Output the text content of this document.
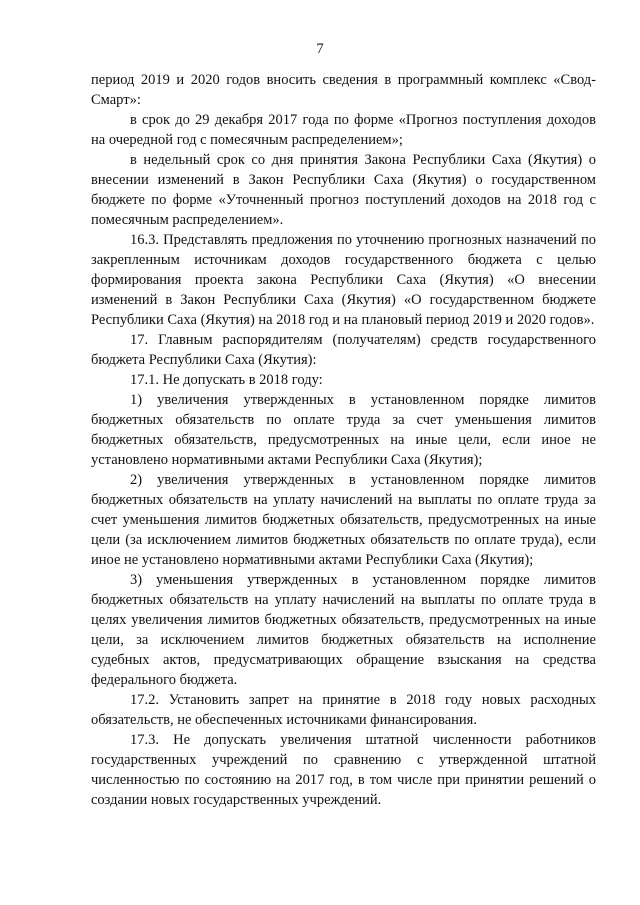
7

период 2019 и 2020 годов вносить сведения в программный комплекс «Свод-Смарт»:

в срок до 29 декабря 2017 года по форме «Прогноз поступления доходов на очередной год с помесячным распределением»;

в недельный срок со дня принятия Закона Республики Саха (Якутия) о внесении изменений в Закон Республики Саха (Якутия) о государственном бюджете по форме «Уточненный прогноз поступлений доходов на 2018 год с помесячным распределением».

16.3. Представлять предложения по уточнению прогнозных назначений по закрепленным источникам доходов государственного бюджета с целью формирования проекта закона Республики Саха (Якутия) «О внесении изменений в Закон Республики Саха (Якутия) «О государственном бюджете Республики Саха (Якутия) на 2018 год и на плановый период 2019 и 2020 годов».

17. Главным распорядителям (получателям) средств государственного бюджета Республики Саха (Якутия):

17.1. Не допускать в 2018 году:

1) увеличения утвержденных в установленном порядке лимитов бюджетных обязательств по оплате труда за счет уменьшения лимитов бюджетных обязательств, предусмотренных на иные цели, если иное не установлено нормативными актами Республики Саха (Якутия);

2) увеличения утвержденных в установленном порядке лимитов бюджетных обязательств на уплату начислений на выплаты по оплате труда за счет уменьшения лимитов бюджетных обязательств, предусмотренных на иные цели (за исключением лимитов бюджетных обязательств по оплате труда), если иное не установлено нормативными актами Республики Саха (Якутия);

3) уменьшения утвержденных в установленном порядке лимитов бюджетных обязательств на уплату начислений на выплаты по оплате труда в целях увеличения лимитов бюджетных обязательств, предусмотренных на иные цели, за исключением лимитов бюджетных обязательств на исполнение судебных актов, предусматривающих обращение взыскания на средства федерального бюджета.

17.2. Установить запрет на принятие в 2018 году новых расходных обязательств, не обеспеченных источниками финансирования.

17.3. Не допускать увеличения штатной численности работников государственных учреждений по сравнению с утвержденной штатной численностью по состоянию на 2017 год, в том числе при принятии решений о создании новых государственных учреждений.
